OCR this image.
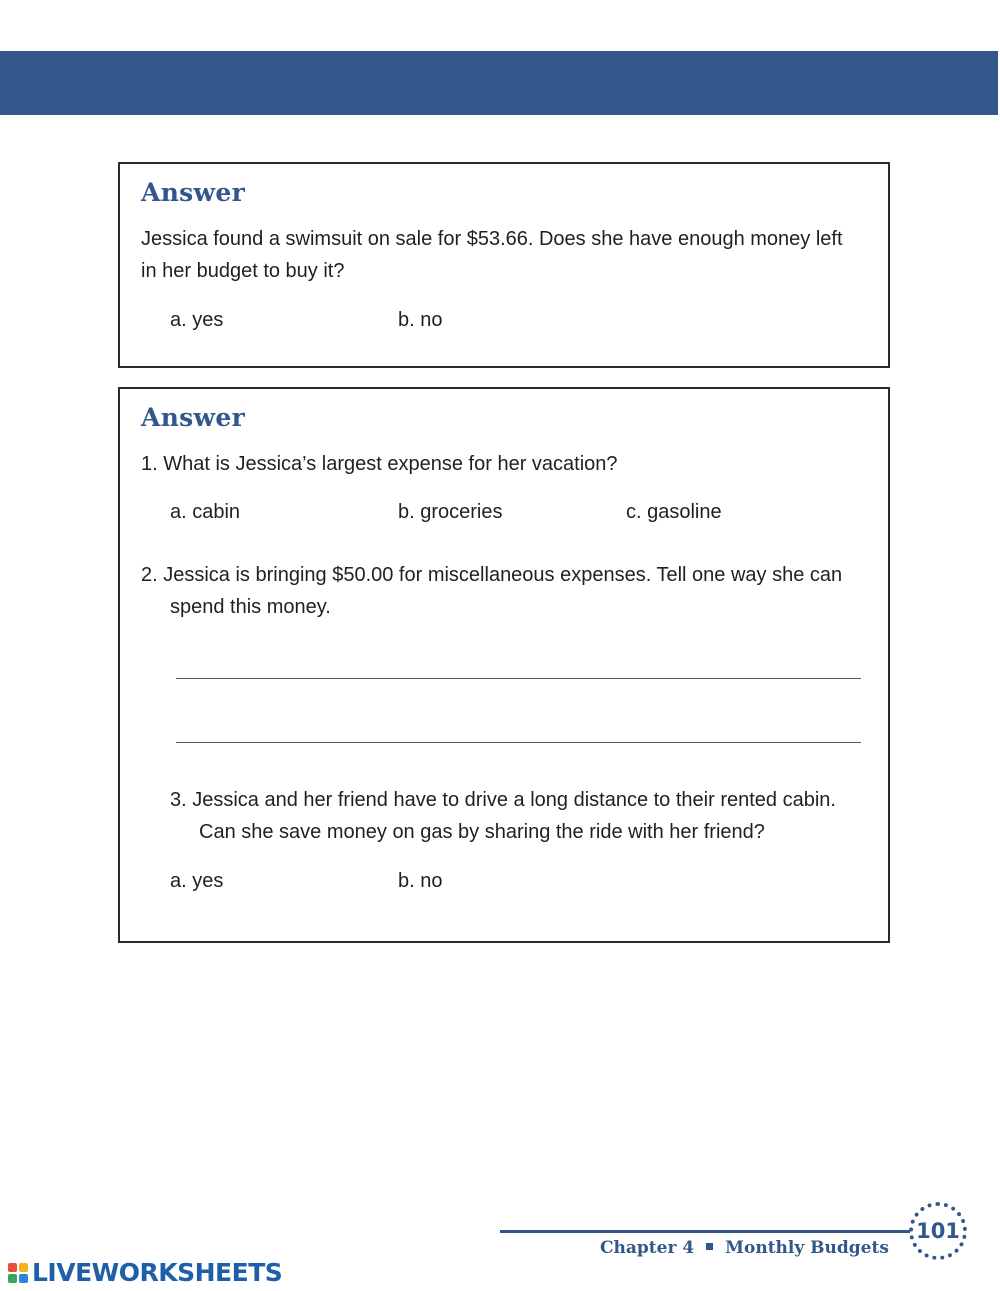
Answer
Jessica found a swimsuit on sale for $53.66. Does she have enough money left
in her budget to buy it?
a. yes	b. no
Answer
1. What is Jessica’s largest expense for her vacation?
a. cabin	b. groceries	c. gasoline
2. Jessica is bringing $50.00 for miscellaneous expenses. Tell one way she can
spend this money.
3. Jessica and her friend have to drive a long distance to their rented cabin.
Can she save money on gas by sharing the ride with her friend?
a. yes	b. no
Chapter 4 Monthly Budgets
101
LIVEWORKSHEETS
